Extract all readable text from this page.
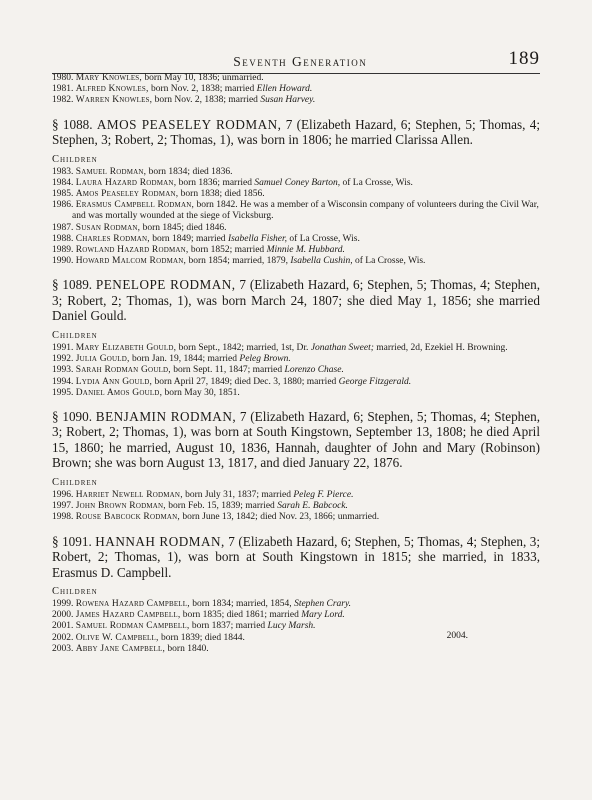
Seventh Generation	189
1980. Mary Knowles, born May 10, 1836; unmarried.
1981. Alfred Knowles, born Nov. 2, 1838; married Ellen Howard.
1982. Warren Knowles, born Nov. 2, 1838; married Susan Harvey.
§ 1088. AMOS PEASELEY RODMAN, 7 (Elizabeth Hazard, 6; Stephen, 5; Thomas, 4; Stephen, 3; Robert, 2; Thomas, 1), was born in 1806; he married Clarissa Allen.
Children
1983. Samuel Rodman, born 1834; died 1836.
1984. Laura Hazard Rodman, born 1836; married Samuel Coney Barton, of La Crosse, Wis.
1985. Amos Peaseley Rodman, born 1838; died 1856.
1986. Erasmus Campbell Rodman, born 1842. He was a member of a Wisconsin company of volunteers during the Civil War, and was mortally wounded at the siege of Vicksburg.
1987. Susan Rodman, born 1845; died 1846.
1988. Charles Rodman, born 1849; married Isabella Fisher, of La Crosse, Wis.
1989. Rowland Hazard Rodman, born 1852; married Minnie M. Hubbard.
1990. Howard Malcom Rodman, born 1854; married, 1879, Isabella Cushin, of La Crosse, Wis.
§ 1089. PENELOPE RODMAN, 7 (Elizabeth Hazard, 6; Stephen, 5; Thomas, 4; Stephen, 3; Robert, 2; Thomas, 1), was born March 24, 1807; she died May 1, 1856; she married Daniel Gould.
Children
1991. Mary Elizabeth Gould, born Sept., 1842; married, 1st, Dr. Jonathan Sweet; married, 2d, Ezekiel H. Browning.
1992. Julia Gould, born Jan. 19, 1844; married Peleg Brown.
1993. Sarah Rodman Gould, born Sept. 11, 1847; married Lorenzo Chase.
1994. Lydia Ann Gould, born April 27, 1849; died Dec. 3, 1880; married George Fitzgerald.
1995. Daniel Amos Gould, born May 30, 1851.
§ 1090. BENJAMIN RODMAN, 7 (Elizabeth Hazard, 6; Stephen, 5; Thomas, 4; Stephen, 3; Robert, 2; Thomas, 1), was born at South Kingstown, September 13, 1808; he died April 15, 1860; he married, August 10, 1836, Hannah, daughter of John and Mary (Robinson) Brown; she was born August 13, 1817, and died January 22, 1876.
Children
1996. Harriet Newell Rodman, born July 31, 1837; married Peleg F. Pierce.
1997. John Brown Rodman, born Feb. 15, 1839; married Sarah E. Babcock.
1998. Rouse Babcock Rodman, born June 13, 1842; died Nov. 23, 1866; unmarried.
§ 1091. HANNAH RODMAN, 7 (Elizabeth Hazard, 6; Stephen, 5; Thomas, 4; Stephen, 3; Robert, 2; Thomas, 1), was born at South Kingstown in 1815; she married, in 1833, Erasmus D. Campbell.
Children
1999. Rowena Hazard Campbell, born 1834; married, 1854, Stephen Crary.
2000. James Hazard Campbell, born 1835; died 1861; married Mary Lord.
2001. Samuel Rodman Campbell, born 1837; married Lucy Marsh.
2002. Olive W. Campbell, born 1839; died 1844.
2003. Abby Jane Campbell, born 1840.
2004.
